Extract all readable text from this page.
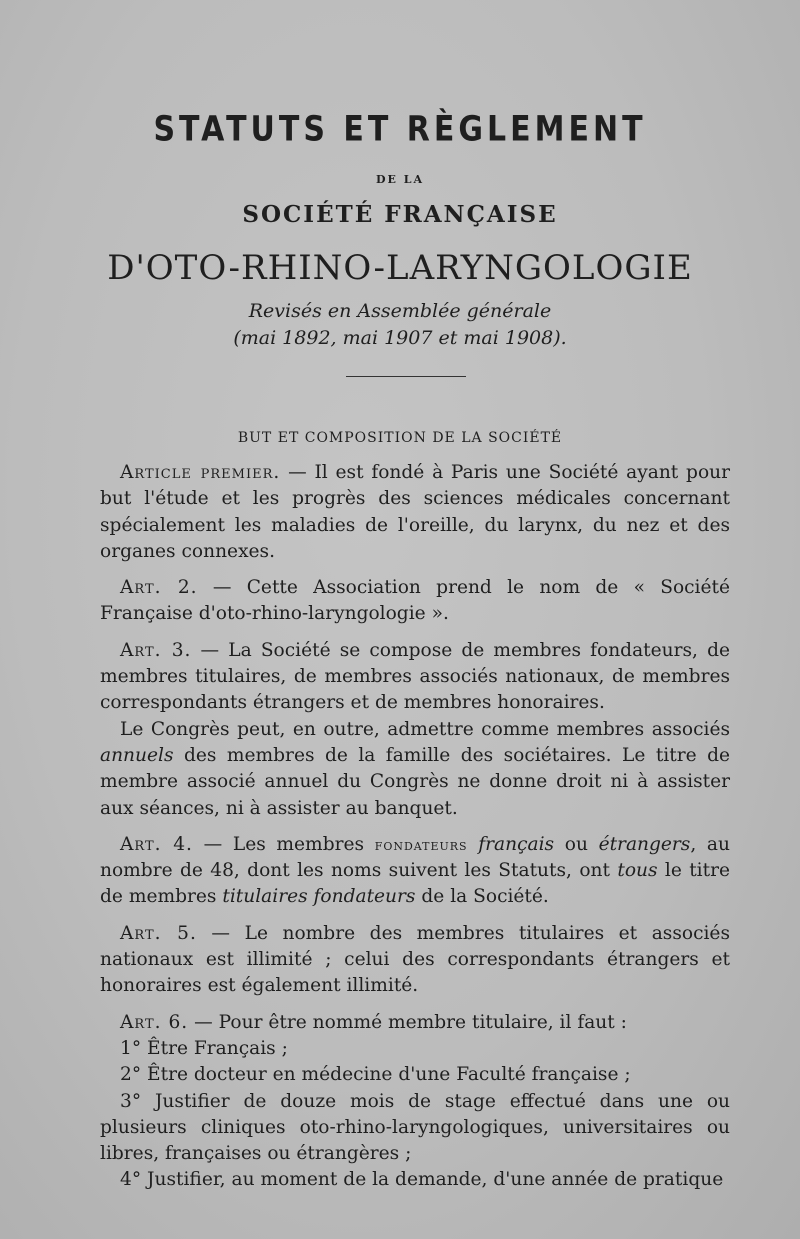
STATUTS ET RÈGLEMENT
DE LA
SOCIÉTÉ FRANÇAISE
D'OTO-RHINO-LARYNGOLOGIE
Revisés en Assemblée générale
(mai 1892, mai 1907 et mai 1908).
BUT ET COMPOSITION DE LA SOCIÉTÉ

Article premier. — Il est fondé à Paris une Société ayant pour but l'étude et les progrès des sciences médicales concernant spécialement les maladies de l'oreille, du larynx, du nez et des organes connexes.

Art. 2. — Cette Association prend le nom de « Société Française d'oto-rhino-laryngologie ».

Art. 3. — La Société se compose de membres fondateurs, de membres titulaires, de membres associés nationaux, de membres correspondants étrangers et de membres honoraires.

Le Congrès peut, en outre, admettre comme membres associés annuels des membres de la famille des sociétaires. Le titre de membre associé annuel du Congrès ne donne droit ni à assister aux séances, ni à assister au banquet.

Art. 4. — Les membres fondateurs français ou étrangers, au nombre de 48, dont les noms suivent les Statuts, ont tous le titre de membres titulaires fondateurs de la Société.

Art. 5. — Le nombre des membres titulaires et associés nationaux est illimité ; celui des correspondants étrangers et honoraires est également illimité.

Art. 6. — Pour être nommé membre titulaire, il faut :

1° Être Français ;

2° Être docteur en médecine d'une Faculté française ;

3° Justifier de douze mois de stage effectué dans une ou plusieurs cliniques oto-rhino-laryngologiques, universitaires ou libres, françaises ou étrangères ;

4° Justifier, au moment de la demande, d'une année de pratique
